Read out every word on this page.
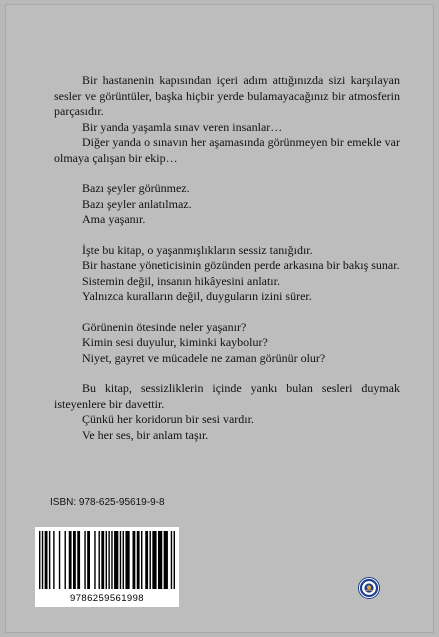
Bir hastanenin kapısından içeri adım attığınızda sizi karşılayan sesler ve görüntüler, başka hiçbir yerde bulamayacağınız bir atmosferin parçasıdır.

Bir yanda yaşamla sınav veren insanlar…

Diğer yanda o sınavın her aşamasında görünmeyen bir emekle var olmaya çalışan bir ekip…

Bazı şeyler görünmez.

Bazı şeyler anlatılmaz.

Ama yaşanır.

İşte bu kitap, o yaşanmışlıkların sessiz tanığıdır.

Bir hastane yöneticisinin gözünden perde arkasına bir bakış sunar.

Sistemin değil, insanın hikâyesini anlatır.

Yalnızca kuralların değil, duyguların izini sürer.

Görünenin ötesinde neler yaşanır?

Kimin sesi duyulur, kiminki kaybolur?

Niyet, gayret ve mücadele ne zaman görünür olur?

Bu kitap, sessizliklerin içinde yankı bulan sesleri duymak isteyenlere bir davettir.

Çünkü her koridorun bir sesi vardır.

Ve her ses, bir anlam taşır.

ISBN: 978-625-95619-9-8
9786259561998
